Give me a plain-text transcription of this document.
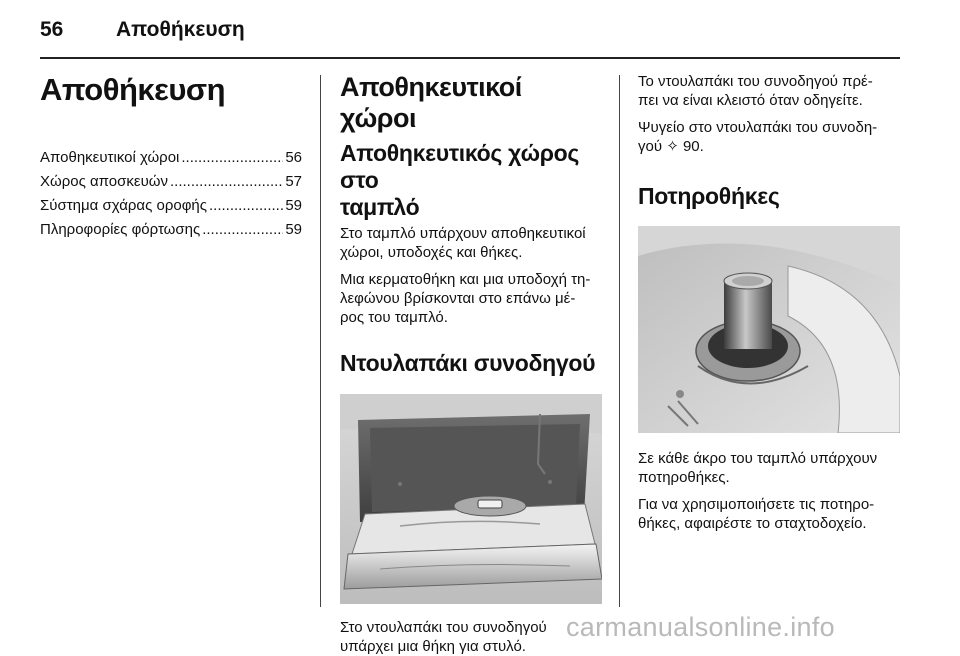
56	Αποθήκευση
Αποθήκευση
Αποθηκευτικοί χώροι .....	56
Χώρος αποσκευών .....	57
Σύστημα σχάρας οροφής .....	59
Πληροφορίες φόρτωσης .....	59
Αποθηκευτικοί χώροι
Αποθηκευτικός χώρος στο
ταμπλό

Στο ταμπλό υπάρχουν αποθηκευτικοί
χώροι, υποδοχές και θήκες.

Μια κερματοθήκη και μια υποδοχή τη-
λεφώνου βρίσκονται στο επάνω μέ-
ρος του ταμπλό.

Ντουλαπάκι συνοδηγού

Στο ντουλαπάκι του συνοδηγού
υπάρχει μια θήκη για στυλό.

Το ντουλαπάκι του συνοδηγού πρέ-
πει να είναι κλειστό όταν οδηγείτε.

Ψυγείο στο ντουλαπάκι του συνοδη-
γού ✧ 90.

Ποτηροθήκες

Σε κάθε άκρο του ταμπλό υπάρχουν
ποτηροθήκες.

Για να χρησιμοποιήσετε τις ποτηρο-
θήκες, αφαιρέστε το σταχτοδοχείο.

carmanualsonline.info
